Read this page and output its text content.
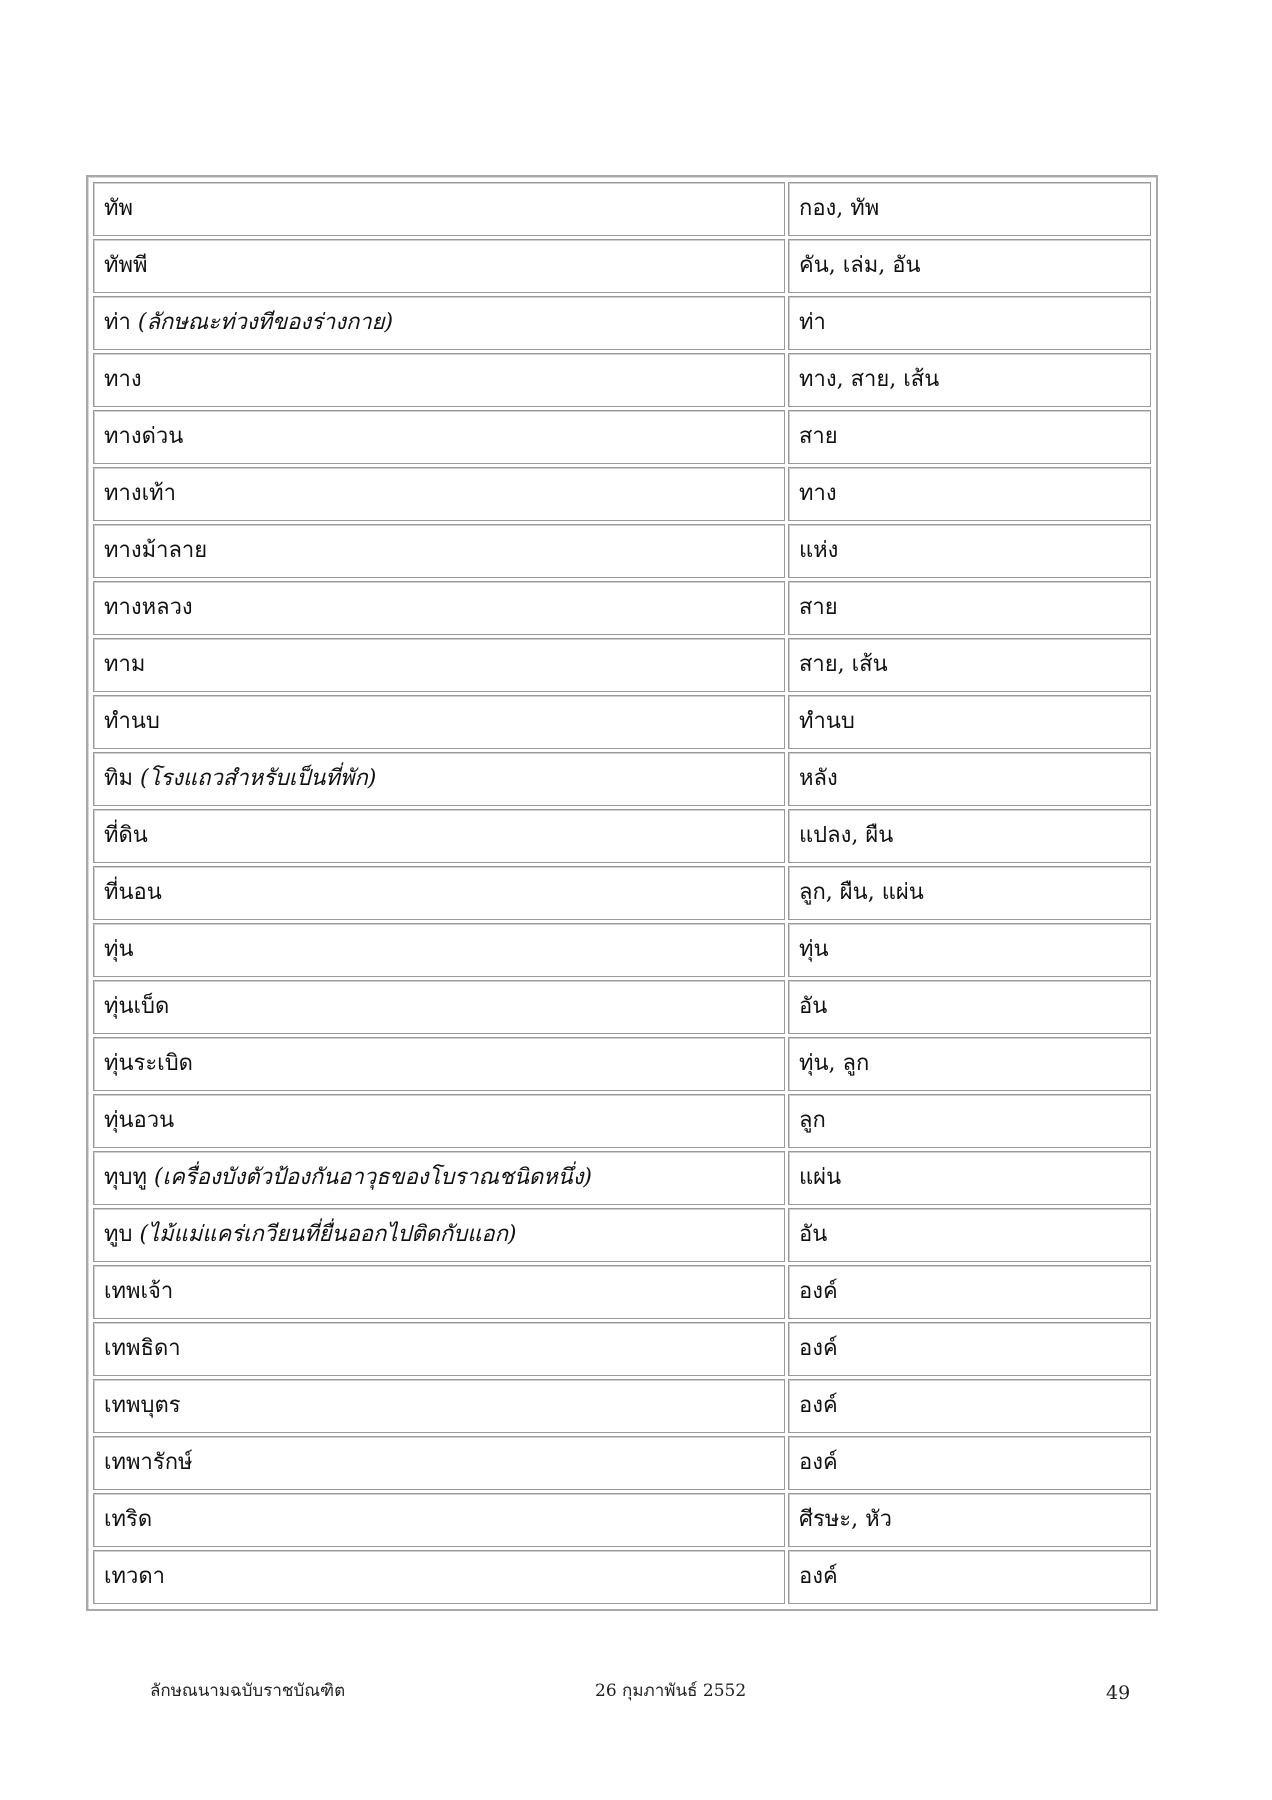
ทัพ	กอง, ทัพ
ทัพพี	คัน, เล่ม, อัน
ท่า (ลักษณะท่วงทีของร่างกาย)	ท่า
ทาง	ทาง, สาย, เส้น
ทางด่วน	สาย
ทางเท้า	ทาง
ทางม้าลาย	แห่ง
ทางหลวง	สาย
ทาม	สาย, เส้น
ทำนบ	ทำนบ
ทิม (โรงแถวสำหรับเป็นที่พัก)	หลัง
ที่ดิน	แปลง, ผืน
ที่นอน	ลูก, ผืน, แผ่น
ทุ่น	ทุ่น
ทุ่นเบ็ด	อัน
ทุ่นระเบิด	ทุ่น, ลูก
ทุ่นอวน	ลูก
ทุบทู (เครื่องบังตัวป้องกันอาวุธของโบราณชนิดหนึ่ง)	แผ่น
ทูบ (ไม้แม่แคร่เกวียนที่ยื่นออกไปติดกับแอก)	อัน
เทพเจ้า	องค์
เทพธิดา	องค์
เทพบุตร	องค์
เทพารักษ์	องค์
เทริด	ศีรษะ, หัว
เทวดา	องค์
ลักษณนามฉบับราชบัณฑิต	26 กุมภาพันธ์ 2552	49
